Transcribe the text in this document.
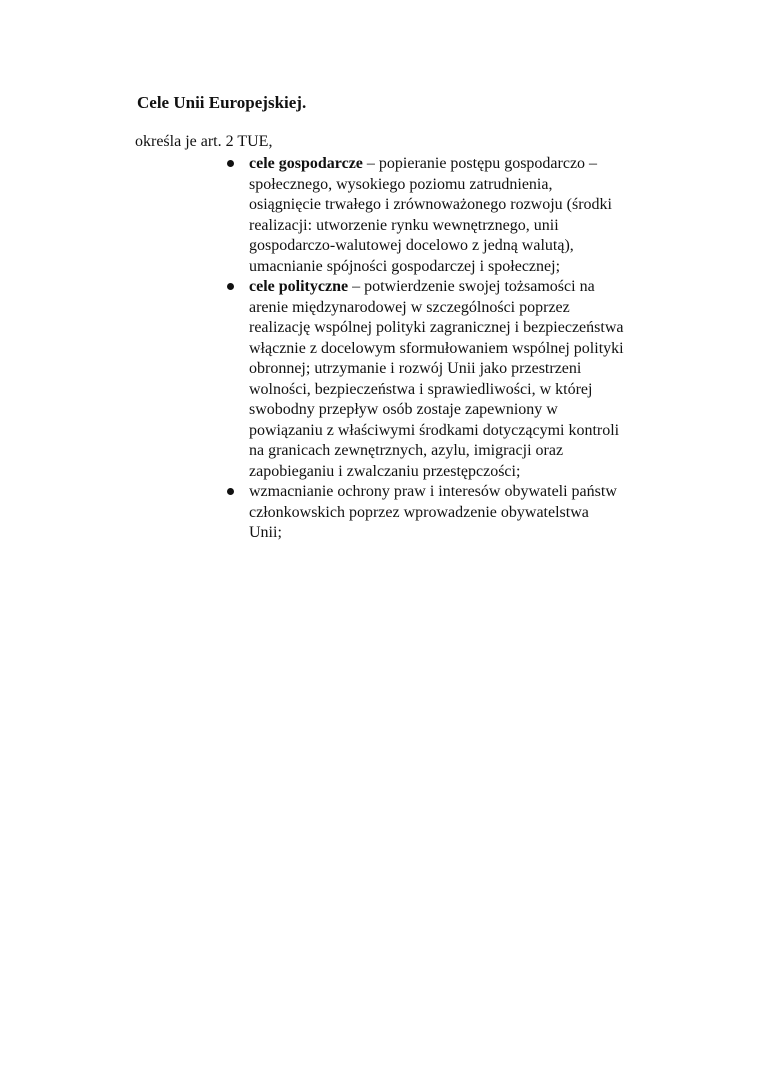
Cele Unii Europejskiej.
określa je art. 2 TUE,
cele gospodarcze – popieranie postępu gospodarczo –
społecznego, wysokiego poziomu zatrudnienia,
osiągnięcie trwałego i zrównoważonego rozwoju (środki
realizacji: utworzenie rynku wewnętrznego, unii
gospodarczo-walutowej docelowo z jedną walutą),
umacnianie spójności gospodarczej i społecznej;
cele polityczne – potwierdzenie swojej tożsamości na
arenie międzynarodowej w szczególności poprzez
realizację wspólnej polityki zagranicznej i bezpieczeństwa
włącznie z docelowym sformułowaniem wspólnej polityki
obronnej; utrzymanie i rozwój Unii jako przestrzeni
wolności, bezpieczeństwa i sprawiedliwości, w której
swobodny przepływ osób zostaje zapewniony w
powiązaniu z właściwymi środkami dotyczącymi kontroli
na granicach zewnętrznych, azylu, imigracji oraz
zapobieganiu i zwalczaniu przestępczości;
wzmacnianie ochrony praw i interesów obywateli państw
członkowskich poprzez wprowadzenie obywatelstwa
Unii;
